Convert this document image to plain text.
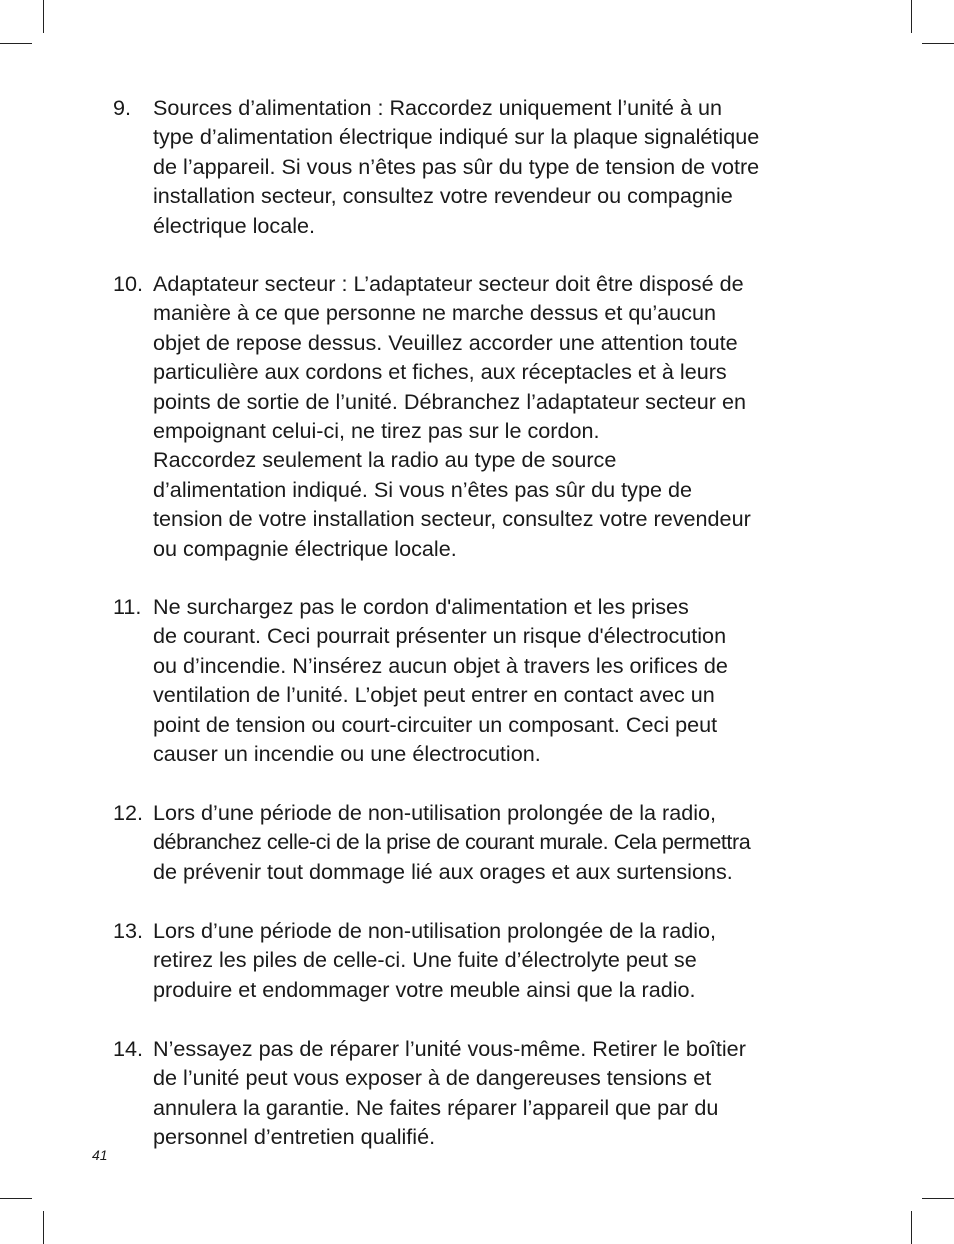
9. Sources d’alimentation : Raccordez uniquement l’unité à un
type d’alimentation électrique indiqué sur la plaque signalétique
de l’appareil. Si vous n’êtes pas sûr du type de tension de votre
installation secteur, consultez votre revendeur ou compagnie
électrique locale.
10. Adaptateur secteur : L’adaptateur secteur doit être disposé de
manière à ce que personne ne marche dessus et qu’aucun
objet de repose dessus. Veuillez accorder une attention toute
particulière aux cordons et fiches, aux réceptacles et à leurs
points de sortie de l’unité. Débranchez l’adaptateur secteur en
empoignant celui-ci, ne tirez pas sur le cordon.
Raccordez seulement la radio au type de source
d’alimentation indiqué. Si vous n’êtes pas sûr du type de
tension de votre installation secteur, consultez votre revendeur
ou compagnie électrique locale.
11. Ne surchargez pas le cordon d'alimentation et les prises
de courant. Ceci pourrait présenter un risque d'électrocution
ou d’incendie. N’insérez aucun objet à travers les orifices de
ventilation de l’unité. L’objet peut entrer en contact avec un
point de tension ou court-circuiter un composant. Ceci peut
causer un incendie ou une électrocution.
12. Lors d’une période de non-utilisation prolongée de la radio,
débranchez celle-ci de la prise de courant murale. Cela permettra
de prévenir tout dommage lié aux orages et aux surtensions.
13. Lors d’une période de non-utilisation prolongée de la radio,
retirez les piles de celle-ci. Une fuite d’électrolyte peut se
produire et endommager votre meuble ainsi que la radio.
14. N’essayez pas de réparer l’unité vous-même. Retirer le boîtier
de l’unité peut vous exposer à de dangereuses tensions et
annulera la garantie. Ne faites réparer l’appareil que par du
personnel d’entretien qualifié.
41
